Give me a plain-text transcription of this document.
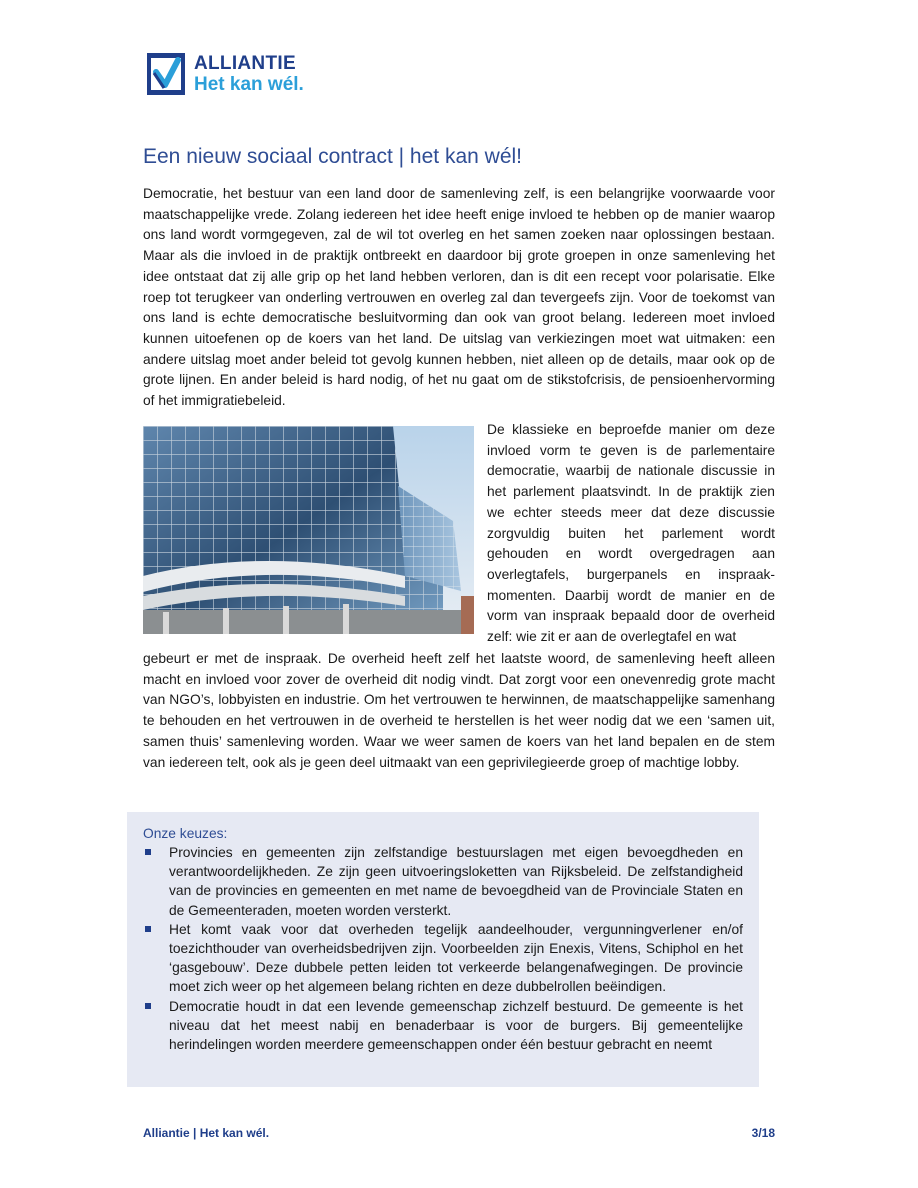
ALLIANTIE
Het kan wél.
Een nieuw sociaal contract | het kan wél!

Democratie, het bestuur van een land door de samenleving zelf, is een belangrijke voorwaarde voor maatschappelijke vrede. Zolang iedereen het idee heeft enige invloed te hebben op de manier waarop ons land wordt vormgegeven, zal de wil tot overleg en het samen zoeken naar oplossingen bestaan. Maar als die invloed in de praktijk ontbreekt en daardoor bij grote groepen in onze samenleving het idee ontstaat dat zij alle grip op het land hebben verloren, dan is dit een recept voor polarisatie. Elke roep tot terugkeer van onderling vertrouwen en overleg zal dan tevergeefs zijn. Voor de toekomst van ons land is echte democratische besluitvorming dan ook van groot belang. Iedereen moet invloed kunnen uitoefenen op de koers van het land. De uitslag van verkiezingen moet wat uitmaken: een andere uitslag moet ander beleid tot gevolg kunnen hebben, niet alleen op de details, maar ook op de grote lijnen. En ander beleid is hard nodig, of het nu gaat om de stikstofcrisis, de pensioenhervorming of het immigratiebeleid.

De klassieke en beproefde manier om deze invloed vorm te geven is de parlementaire democratie, waarbij de nationale discussie in het parlement plaatsvindt. In de praktijk zien we echter steeds meer dat deze discussie zorgvuldig buiten het parlement wordt gehouden en wordt overgedragen aan overlegtafels, burgerpanels en inspraak-momenten. Daarbij wordt de manier en de vorm van inspraak bepaald door de overheid zelf: wie zit er aan de overlegtafel en wat

gebeurt er met de inspraak. De overheid heeft zelf het laatste woord, de samenleving heeft alleen macht en invloed voor zover de overheid dit nodig vindt. Dat zorgt voor een onevenredig grote macht van NGO’s, lobbyisten en industrie. Om het vertrouwen te herwinnen, de maatschappelijke samenhang te behouden en het vertrouwen in de overheid te herstellen is het weer nodig dat we een ‘samen uit, samen thuis’ samenleving worden. Waar we weer samen de koers van het land bepalen en de stem van iedereen telt, ook als je geen deel uitmaakt van een geprivilegieerde groep of machtige lobby.

Onze keuzes:
Provincies en gemeenten zijn zelfstandige bestuurslagen met eigen bevoegdheden en verantwoordelijkheden. Ze zijn geen uitvoeringsloketten van Rijksbeleid. De zelfstandigheid van de provincies en gemeenten en met name de bevoegdheid van de Provinciale Staten en de Gemeenteraden, moeten worden versterkt.
Het komt vaak voor dat overheden tegelijk aandeelhouder, vergunningverlener en/of toezichthouder van overheidsbedrijven zijn. Voorbeelden zijn Enexis, Vitens, Schiphol en het ‘gasgebouw’. Deze dubbele petten leiden tot verkeerde belangenafwegingen. De provincie moet zich weer op het algemeen belang richten en deze dubbelrollen beëindigen.
Democratie houdt in dat een levende gemeenschap zichzelf bestuurd. De gemeente is het niveau dat het meest nabij en benaderbaar is voor de burgers. Bij gemeentelijke herindelingen worden meerdere gemeenschappen onder één bestuur gebracht en neemt
Alliantie | Het kan wél.	3/18
